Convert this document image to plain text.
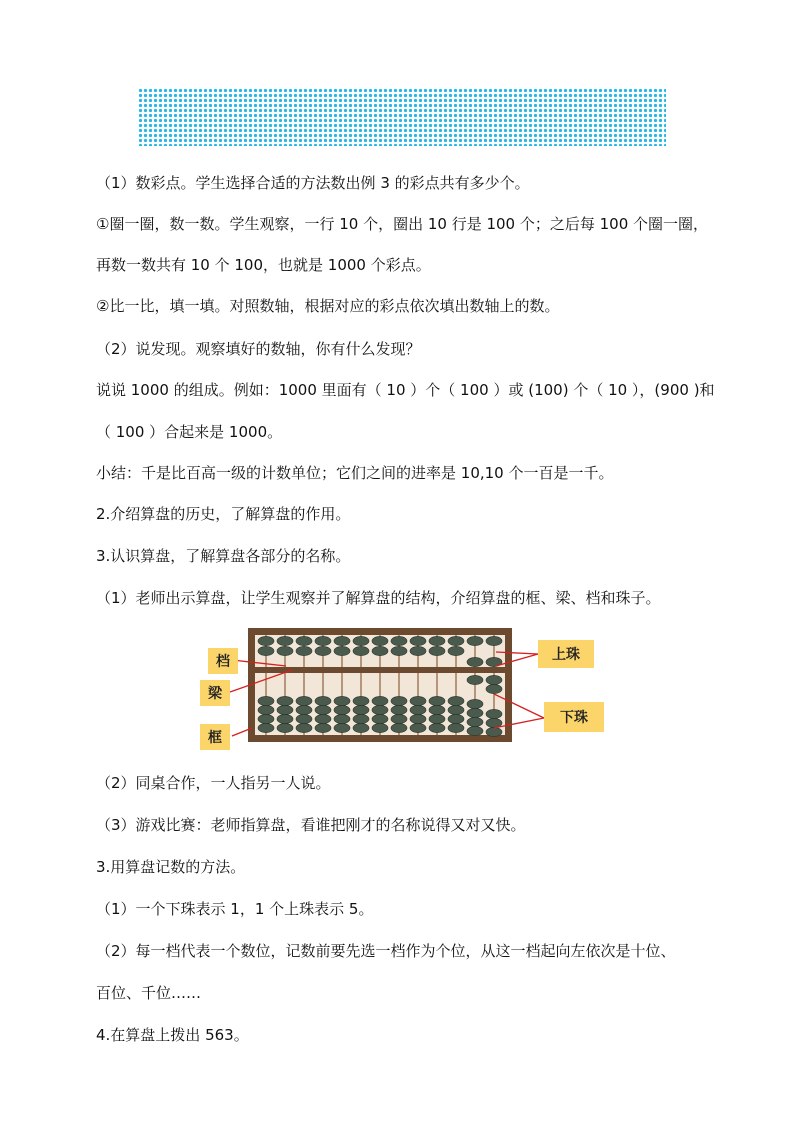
（1）数彩点。学生选择合适的方法数出例 3 的彩点共有多少个。
①圈一圈，数一数。学生观察，一行 10 个，圈出 10 行是 100 个；之后每 100 个圈一圈，
再数一数共有 10 个 100，也就是 1000 个彩点。
②比一比，填一填。对照数轴，根据对应的彩点依次填出数轴上的数。
（2）说发现。观察填好的数轴，你有什么发现？
说说 1000 的组成。例如：1000 里面有（ 10 ）个（ 100 ）或 (100) 个（ 10 ），(900 )和
（ 100 ）合起来是 1000。
小结：千是比百高一级的计数单位；它们之间的进率是 10,10 个一百是一千。
2.介绍算盘的历史，了解算盘的作用。
3.认识算盘，了解算盘各部分的名称。
（1）老师出示算盘，让学生观察并了解算盘的结构，介绍算盘的框、梁、档和珠子。
档
梁
框
上珠
下珠
（2）同桌合作，一人指另一人说。
（3）游戏比赛：老师指算盘，看谁把刚才的名称说得又对又快。
3.用算盘记数的方法。
（1）一个下珠表示 1，1 个上珠表示 5。
（2）每一档代表一个数位，记数前要先选一档作为个位，从这一档起向左依次是十位、
百位、千位……
4.在算盘上拨出 563。
